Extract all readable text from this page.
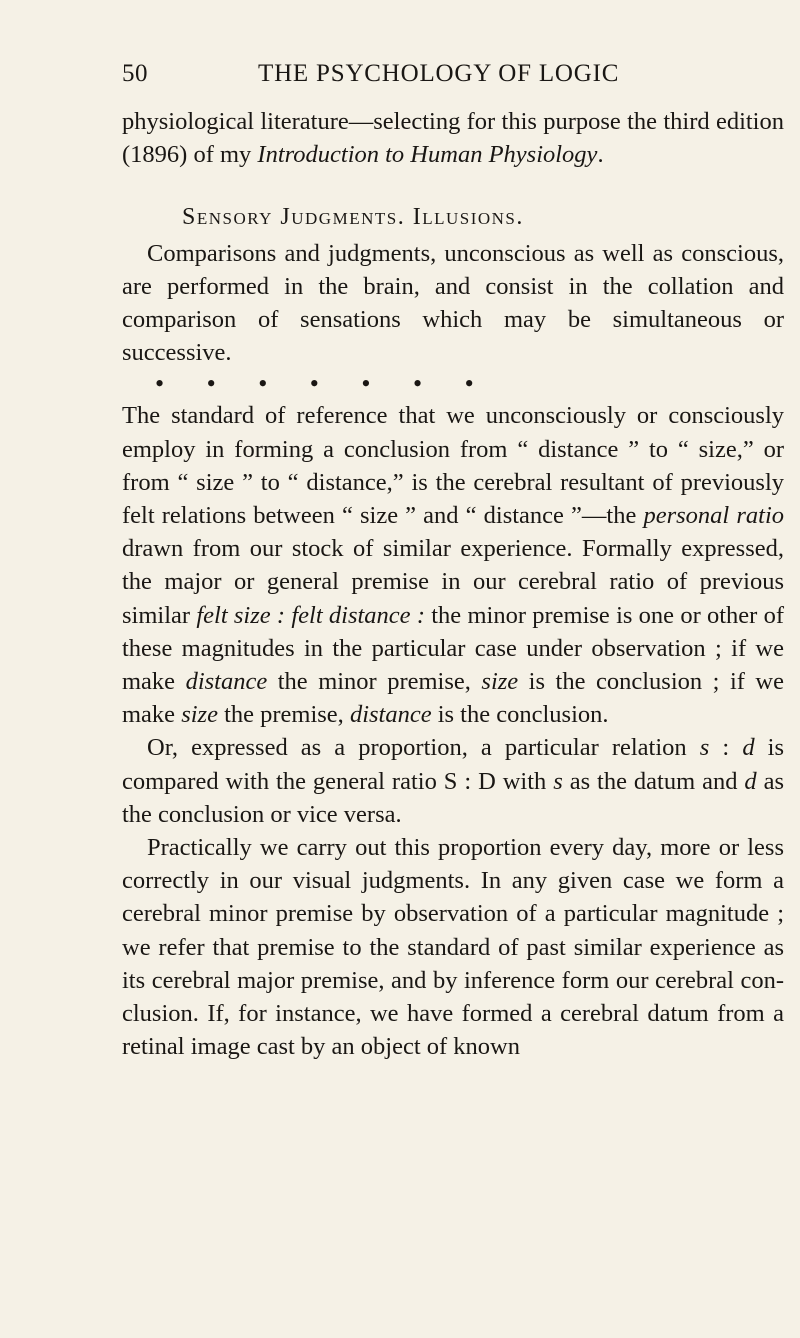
50	THE PSYCHOLOGY OF LOGIC

physiological literature—selecting for this purpose the third edition (1896) of my Introduction to Human Physiology.

Sensory Judgments. Illusions.

Comparisons and judgments, unconscious as well as conscious, are performed in the brain, and consist in the collation and comparison of sensations which may be simultaneous or successive.

• • • • • • •

The standard of reference that we unconsciously or consciously employ in forming a conclusion from “ distance ” to “ size,” or from “ size ” to “ distance,” is the cerebral resultant of previously felt relations between “ size ” and “ distance ”—the personal ratio drawn from our stock of similar experience. Formally expressed, the major or general premise in our cerebral ratio of previous similar felt size : felt distance : the minor premise is one or other of these magnitudes in the particular case under observation ; if we make distance the minor premise, size is the conclusion ; if we make size the premise, distance is the conclusion.

Or, expressed as a proportion, a particular relation s : d is compared with the general ratio S : D with s as the datum and d as the conclusion or vice versa.

Practically we carry out this proportion every day, more or less correctly in our visual judgments. In any given case we form a cerebral minor premise by observation of a particular magnitude ; we refer that premise to the standard of past similar experience as its cerebral major premise, and by inference form our cerebral conclusion. If, for instance, we have formed a cerebral datum from a retinal image cast by an object of known
